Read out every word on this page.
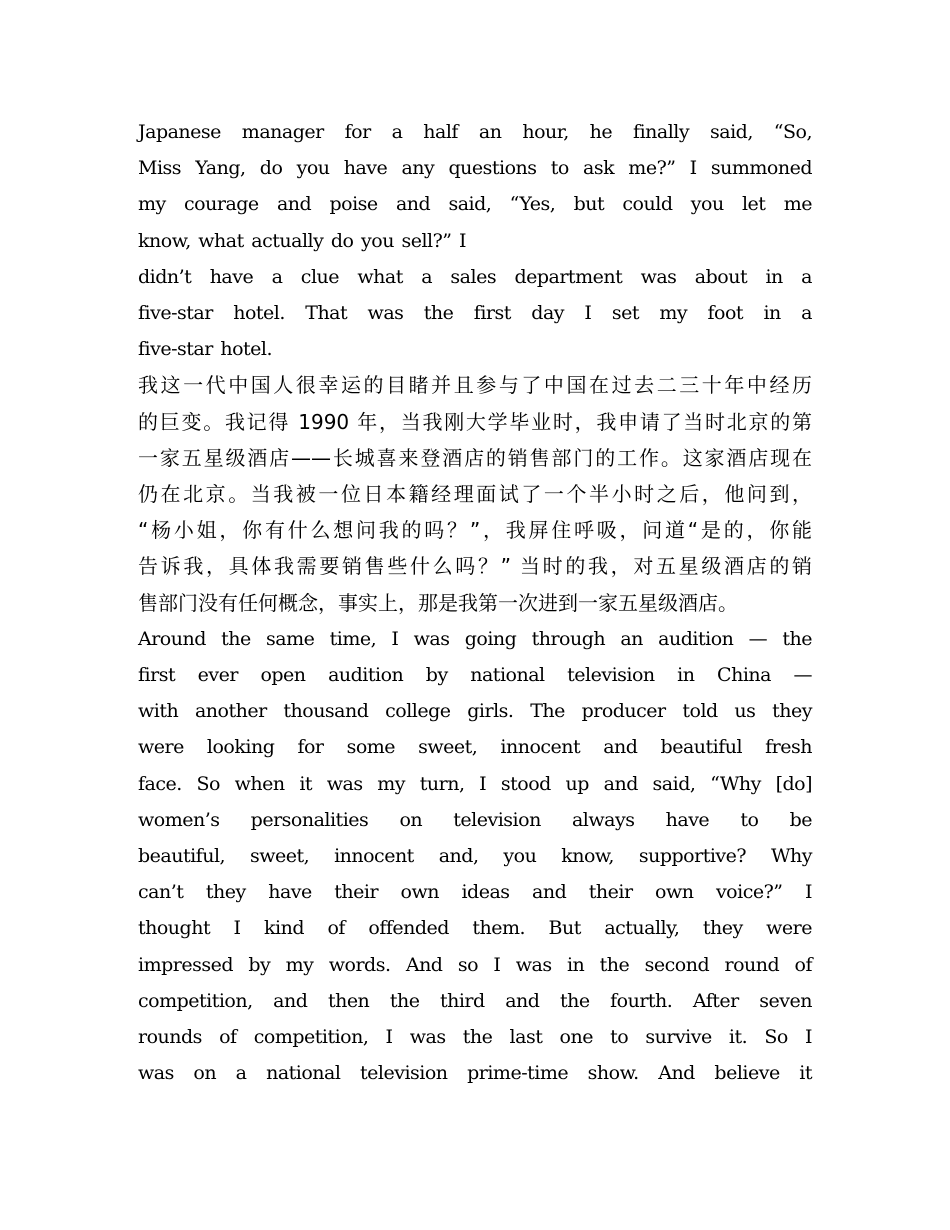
Japanese manager for a half an hour, he finally said, “So,
Miss Yang, do you have any questions to ask me?” I summoned
my courage and poise and said, “Yes, but could you let me
know, what actually do you sell?” I
didn’t have a clue what a sales department was about in a
five-star hotel. That was the first day I set my foot in a
five-star hotel.
我这一代中国人很幸运的目睹并且参与了中国在过去二三十年中经历
的巨变。我记得 1990 年，当我刚大学毕业时，我申请了当时北京的第
一家五星级酒店——长城喜来登酒店的销售部门的工作。这家酒店现在
仍在北京。当我被一位日本籍经理面试了一个半小时之后，他问到，
“杨小姐，你有什么想问我的吗？”，我屏住呼吸，问道“是的，你能
告诉我，具体我需要销售些什么吗？” 当时的我，对五星级酒店的销
售部门没有任何概念，事实上，那是我第一次进到一家五星级酒店。
Around the same time, I was going through an audition — the
first ever open audition by national television in China —
with another thousand college girls. The producer told us they
were looking for some sweet, innocent and beautiful fresh
face. So when it was my turn, I stood up and said, “Why [do]
women’s personalities on television always have to be
beautiful, sweet, innocent and, you know, supportive? Why
can’t they have their own ideas and their own voice?” I
thought I kind of offended them. But actually, they were
impressed by my words. And so I was in the second round of
competition, and then the third and the fourth. After seven
rounds of competition, I was the last one to survive it. So I
was on a national television prime-time show. And believe it
